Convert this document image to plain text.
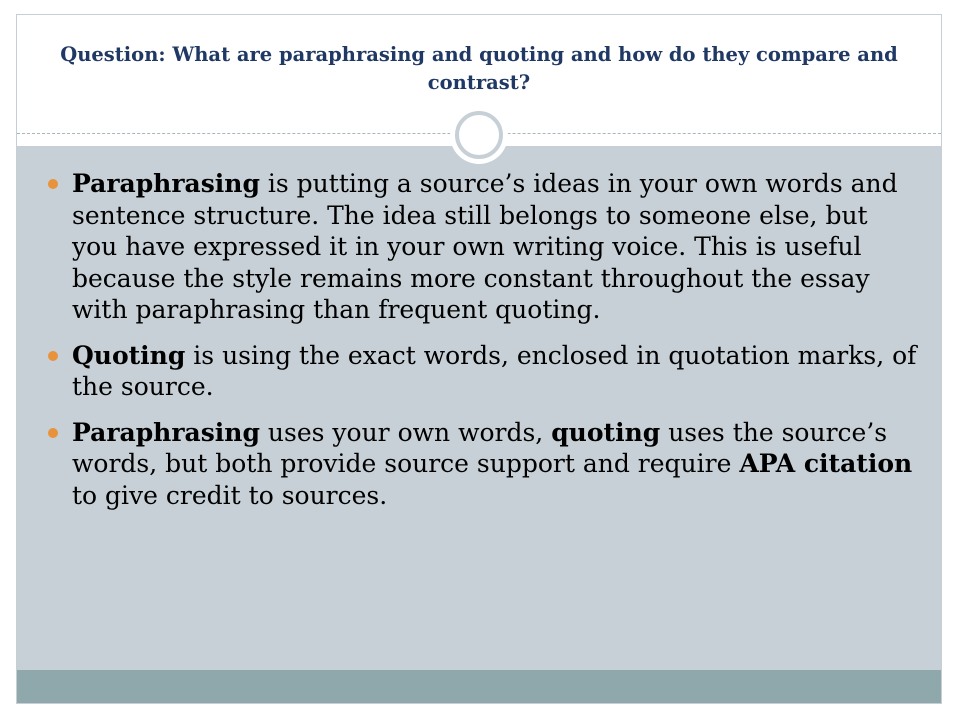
Question: What are paraphrasing and quoting and how do they compare and contrast?
Paraphrasing is putting a source’s ideas in your own words and sentence structure. The idea still belongs to someone else, but you have expressed it in your own writing voice. This is useful because the style remains more constant throughout the essay with paraphrasing than frequent quoting.
Quoting is using the exact words, enclosed in quotation marks, of the source.
Paraphrasing uses your own words, quoting uses the source’s words, but both provide source support and require APA citation to give credit to sources.
